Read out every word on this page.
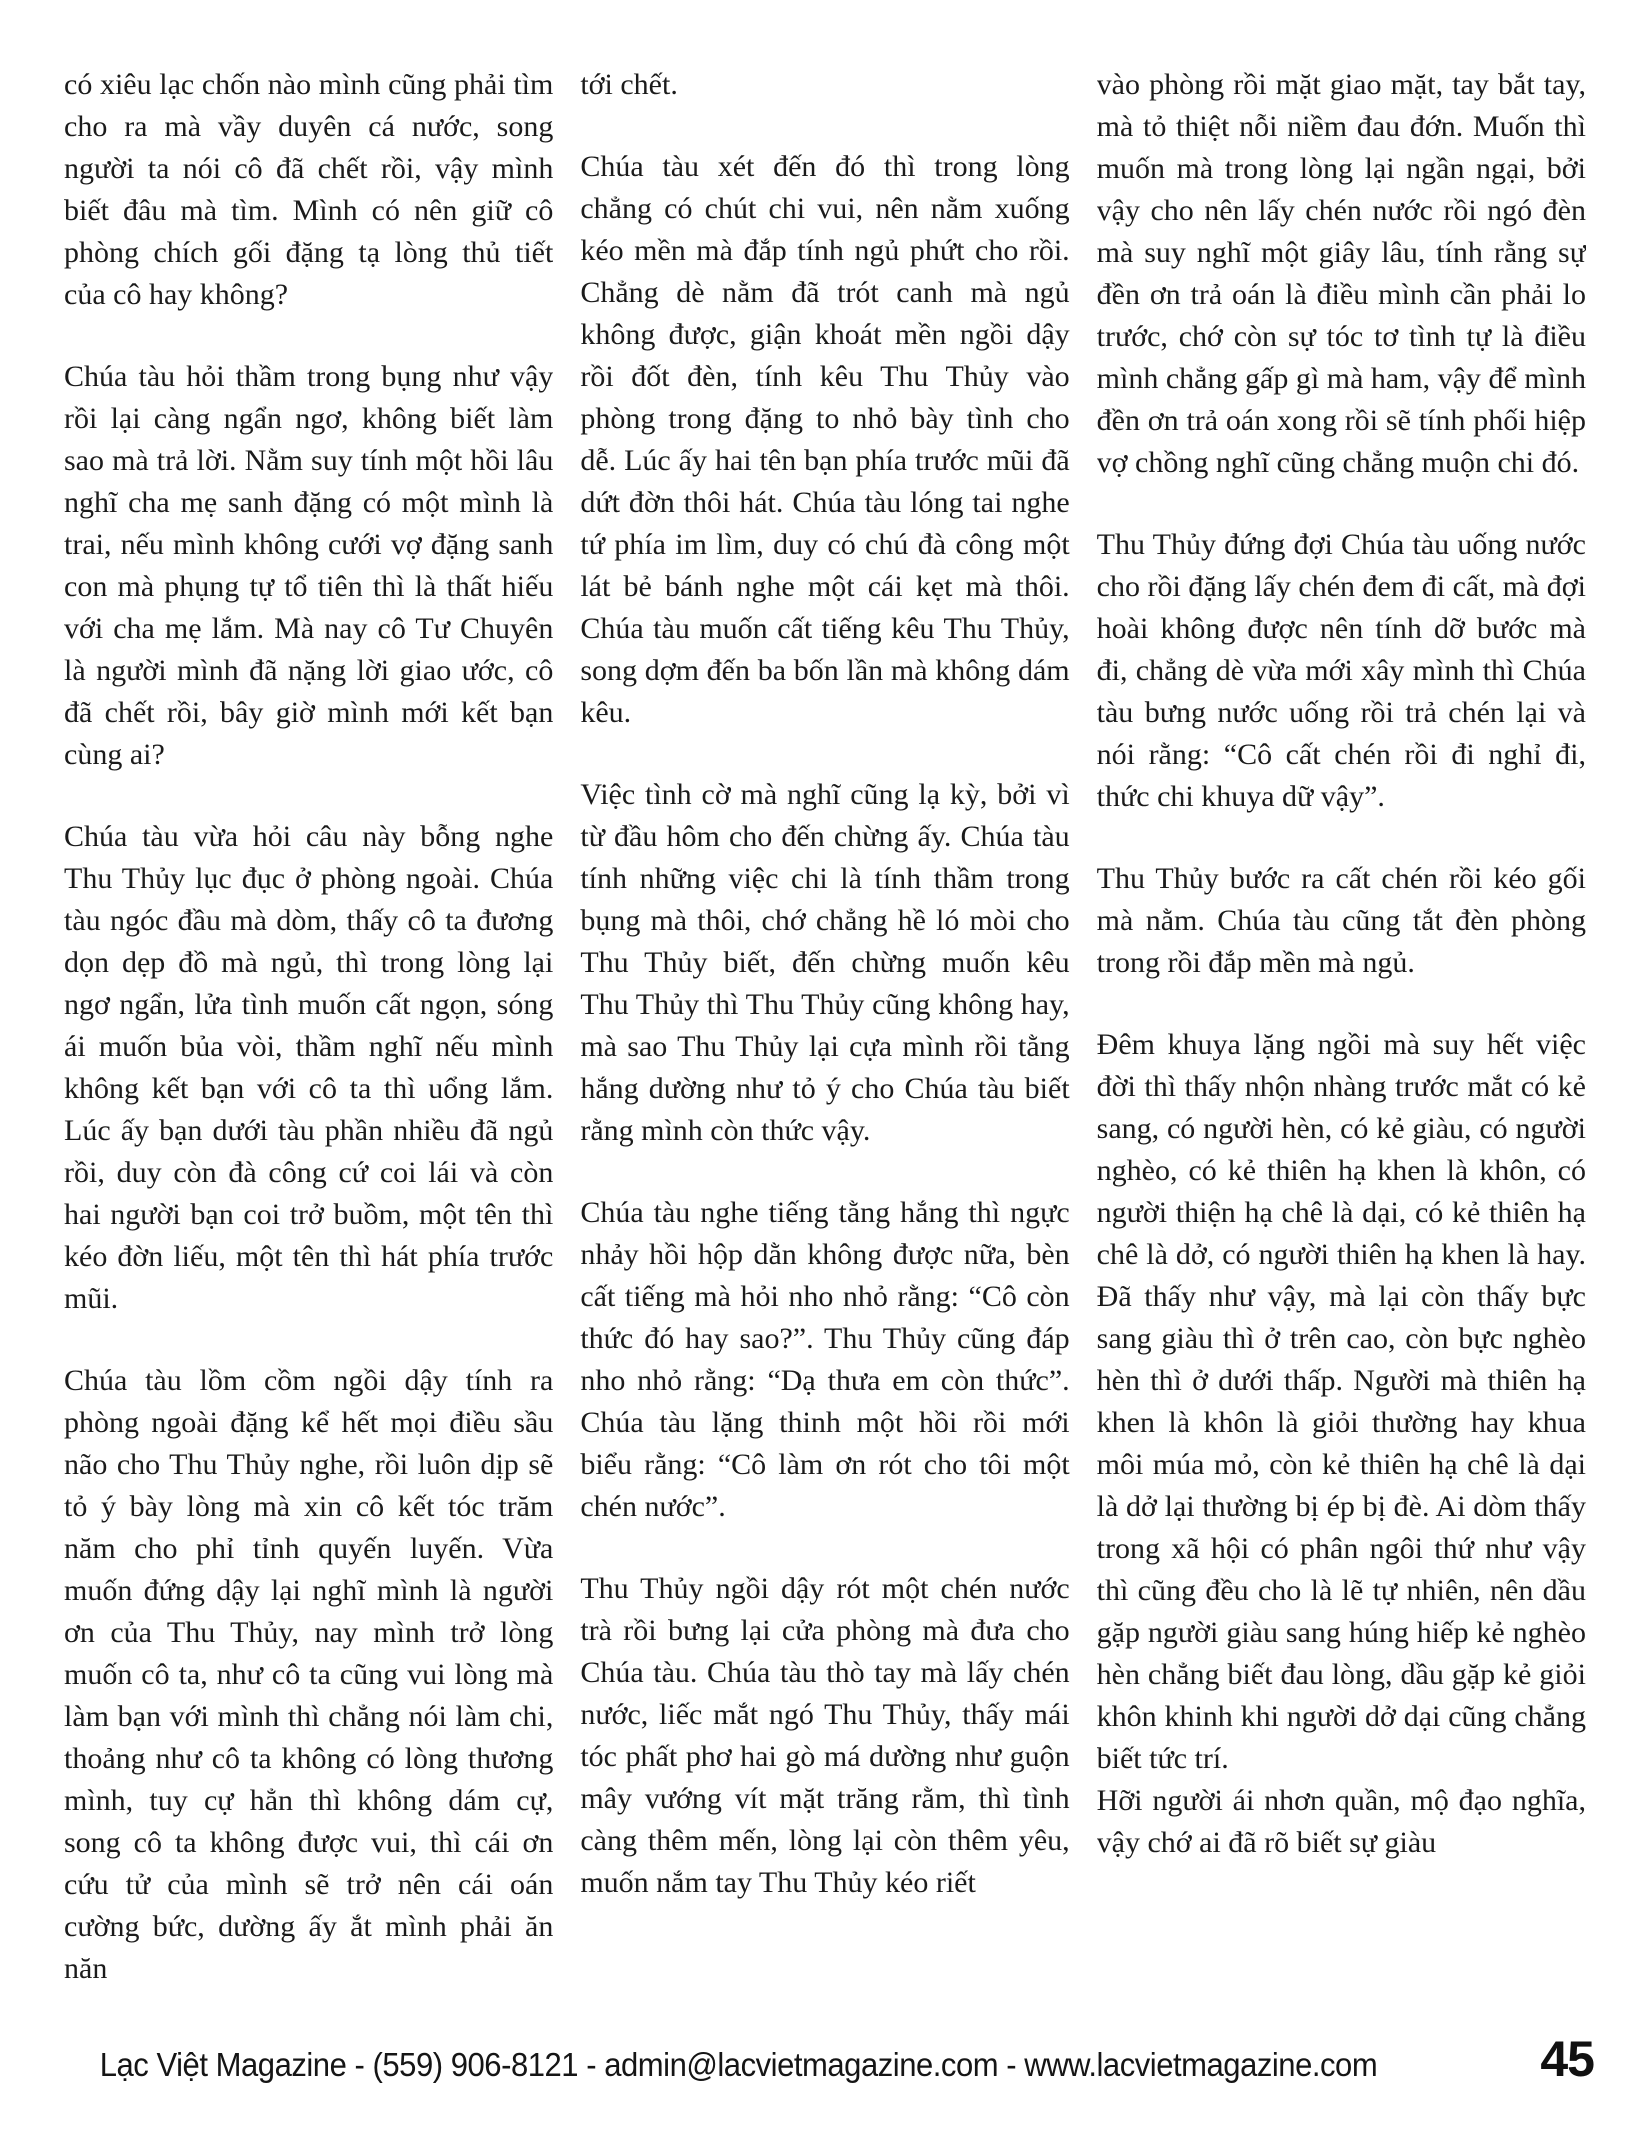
có xiêu lạc chốn nào mình cũng phải tìm cho ra mà vầy duyên cá nước, song người ta nói cô đã chết rồi, vậy mình biết đâu mà tìm. Mình có nên giữ cô phòng chích gối đặng tạ lòng thủ tiết của cô hay không?

Chúa tàu hỏi thầm trong bụng như vậy rồi lại càng ngẩn ngơ, không biết làm sao mà trả lời. Nằm suy tính một hồi lâu nghĩ cha mẹ sanh đặng có một mình là trai, nếu mình không cưới vợ đặng sanh con mà phụng tự tổ tiên thì là thất hiếu với cha mẹ lắm. Mà nay cô Tư Chuyên là người mình đã nặng lời giao ước, cô đã chết rồi, bây giờ mình mới kết bạn cùng ai?

Chúa tàu vừa hỏi câu này bỗng nghe Thu Thủy lục đục ở phòng ngoài. Chúa tàu ngóc đầu mà dòm, thấy cô ta đương dọn dẹp đồ mà ngủ, thì trong lòng lại ngơ ngẩn, lửa tình muốn cất ngọn, sóng ái muốn bủa vòi, thầm nghĩ nếu mình không kết bạn với cô ta thì uổng lắm. Lúc ấy bạn dưới tàu phần nhiều đã ngủ rồi, duy còn đà công cứ coi lái và còn hai người bạn coi trở buồm, một tên thì kéo đờn liếu, một tên thì hát phía trước mũi.

Chúa tàu lồm cồm ngồi dậy tính ra phòng ngoài đặng kể hết mọi điều sầu não cho Thu Thủy nghe, rồi luôn dịp sẽ tỏ ý bày lòng mà xin cô kết tóc trăm năm cho phỉ tỉnh quyến luyến. Vừa muốn đứng dậy lại nghĩ mình là người ơn của Thu Thủy, nay mình trở lòng muốn cô ta, như cô ta cũng vui lòng mà làm bạn với mình thì chẳng nói làm chi, thoảng như cô ta không có lòng thương mình, tuy cự hẳn thì không dám cự, song cô ta không được vui, thì cái ơn cứu tử của mình sẽ trở nên cái oán cường bức, dường ấy ắt mình phải ăn năn

tới chết.

Chúa tàu xét đến đó thì trong lòng chẳng có chút chi vui, nên nằm xuống kéo mền mà đắp tính ngủ phứt cho rồi. Chẳng dè nằm đã trót canh mà ngủ không được, giận khoát mền ngồi dậy rồi đốt đèn, tính kêu Thu Thủy vào phòng trong đặng to nhỏ bày tình cho dễ. Lúc ấy hai tên bạn phía trước mũi đã dứt đờn thôi hát. Chúa tàu lóng tai nghe tứ phía im lìm, duy có chú đà công một lát bẻ bánh nghe một cái kẹt mà thôi. Chúa tàu muốn cất tiếng kêu Thu Thủy, song dợm đến ba bốn lần mà không dám kêu.

Việc tình cờ mà nghĩ cũng lạ kỳ, bởi vì từ đầu hôm cho đến chừng ấy. Chúa tàu tính những việc chi là tính thầm trong bụng mà thôi, chớ chẳng hề ló mòi cho Thu Thủy biết, đến chừng muốn kêu Thu Thủy thì Thu Thủy cũng không hay, mà sao Thu Thủy lại cựa mình rồi tằng hắng dường như tỏ ý cho Chúa tàu biết rằng mình còn thức vậy.

Chúa tàu nghe tiếng tằng hắng thì ngực nhảy hồi hộp dằn không được nữa, bèn cất tiếng mà hỏi nho nhỏ rằng: “Cô còn thức đó hay sao?”. Thu Thủy cũng đáp nho nhỏ rằng: “Dạ thưa em còn thức”. Chúa tàu lặng thinh một hồi rồi mới biểu rằng: “Cô làm ơn rót cho tôi một chén nước”.

Thu Thủy ngồi dậy rót một chén nước trà rồi bưng lại cửa phòng mà đưa cho Chúa tàu. Chúa tàu thò tay mà lấy chén nước, liếc mắt ngó Thu Thủy, thấy mái tóc phất phơ hai gò má dường như guộn mây vướng vít mặt trăng rằm, thì tình càng thêm mến, lòng lại còn thêm yêu, muốn nắm tay Thu Thủy kéo riết

vào phòng rồi mặt giao mặt, tay bắt tay, mà tỏ thiệt nỗi niềm đau đớn. Muốn thì muốn mà trong lòng lại ngần ngại, bởi vậy cho nên lấy chén nước rồi ngó đèn mà suy nghĩ một giây lâu, tính rằng sự đền ơn trả oán là điều mình cần phải lo trước, chớ còn sự tóc tơ tình tự là điều mình chẳng gấp gì mà ham, vậy để mình đền ơn trả oán xong rồi sẽ tính phối hiệp vợ chồng nghĩ cũng chẳng muộn chi đó.

Thu Thủy đứng đợi Chúa tàu uống nước cho rồi đặng lấy chén đem đi cất, mà đợi hoài không được nên tính dỡ bước mà đi, chẳng dè vừa mới xây mình thì Chúa tàu bưng nước uống rồi trả chén lại và nói rằng: “Cô cất chén rồi đi nghỉ đi, thức chi khuya dữ vậy”.

Thu Thủy bước ra cất chén rồi kéo gối mà nằm. Chúa tàu cũng tắt đèn phòng trong rồi đắp mền mà ngủ.

Đêm khuya lặng ngồi mà suy hết việc đời thì thấy nhộn nhàng trước mắt có kẻ sang, có người hèn, có kẻ giàu, có người nghèo, có kẻ thiên hạ khen là khôn, có người thiện hạ chê là dại, có kẻ thiên hạ chê là dở, có người thiên hạ khen là hay. Đã thấy như vậy, mà lại còn thấy bực sang giàu thì ở trên cao, còn bực nghèo hèn thì ở dưới thấp. Người mà thiên hạ khen là khôn là giỏi thường hay khua môi múa mỏ, còn kẻ thiên hạ chê là dại là dở lại thường bị ép bị đè. Ai dòm thấy trong xã hội có phân ngôi thứ như vậy thì cũng đều cho là lẽ tự nhiên, nên dầu gặp người giàu sang húng hiếp kẻ nghèo hèn chẳng biết đau lòng, dầu gặp kẻ giỏi khôn khinh khi người dở dại cũng chẳng biết tức trí.

Hỡi người ái nhơn quần, mộ đạo nghĩa, vậy chớ ai đã rõ biết sự giàu

Lạc Việt Magazine - (559) 906-8121 - admin@lacvietmagazine.com - www.lacvietmagazine.com	45
